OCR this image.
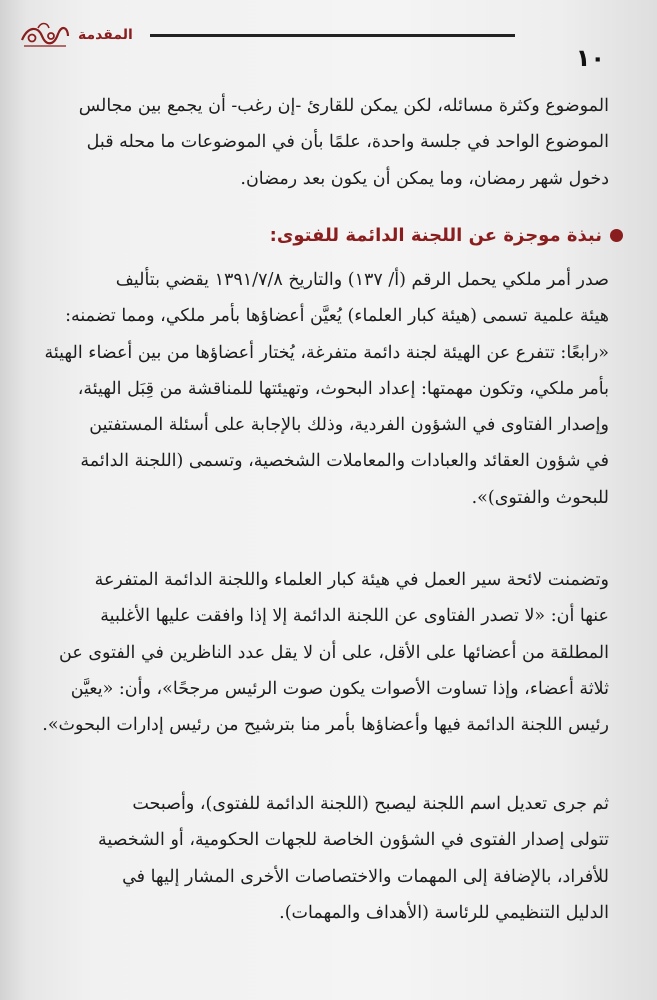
المقدمة
١٠

الموضوع وكثرة مسائله، لكن يمكن للقارئ -إن رغب- أن يجمع بين مجالس

الموضوع الواحد في جلسة واحدة، علمًا بأن في الموضوعات ما محله قبل

دخول شهر رمضان، وما يمكن أن يكون بعد رمضان.

نبذة موجزة عن اللجنة الدائمة للفتوى:

صدر أمر ملكي يحمل الرقم (أ/ ١٣٧) والتاريخ ١٣٩١/٧/٨ يقضي بتأليف

هيئة علمية تسمى (هيئة كبار العلماء) يُعيَّن أعضاؤها بأمر ملكي، ومما تضمنه:

«رابعًا: تتفرع عن الهيئة لجنة دائمة متفرغة، يُختار أعضاؤها من بين أعضاء الهيئة

بأمر ملكي، وتكون مهمتها: إعداد البحوث، وتهيئتها للمناقشة من قِبَل الهيئة،

وإصدار الفتاوى في الشؤون الفردية، وذلك بالإجابة على أسئلة المستفتين

في شؤون العقائد والعبادات والمعاملات الشخصية، وتسمى (اللجنة الدائمة

للبحوث والفتوى)».

وتضمنت لائحة سير العمل في هيئة كبار العلماء واللجنة الدائمة المتفرعة

عنها أن: «لا تصدر الفتاوى عن اللجنة الدائمة إلا إذا وافقت عليها الأغلبية

المطلقة من أعضائها على الأقل، على أن لا يقل عدد الناظرين في الفتوى عن

ثلاثة أعضاء، وإذا تساوت الأصوات يكون صوت الرئيس مرجحًا»، وأن: «يعيَّن

رئيس اللجنة الدائمة فيها وأعضاؤها بأمر منا بترشيح من رئيس إدارات البحوث».

ثم جرى تعديل اسم اللجنة ليصبح (اللجنة الدائمة للفتوى)، وأصبحت

تتولى إصدار الفتوى في الشؤون الخاصة للجهات الحكومية، أو الشخصية

للأفراد، بالإضافة إلى المهمات والاختصاصات الأخرى المشار إليها في

الدليل التنظيمي للرئاسة (الأهداف والمهمات).
